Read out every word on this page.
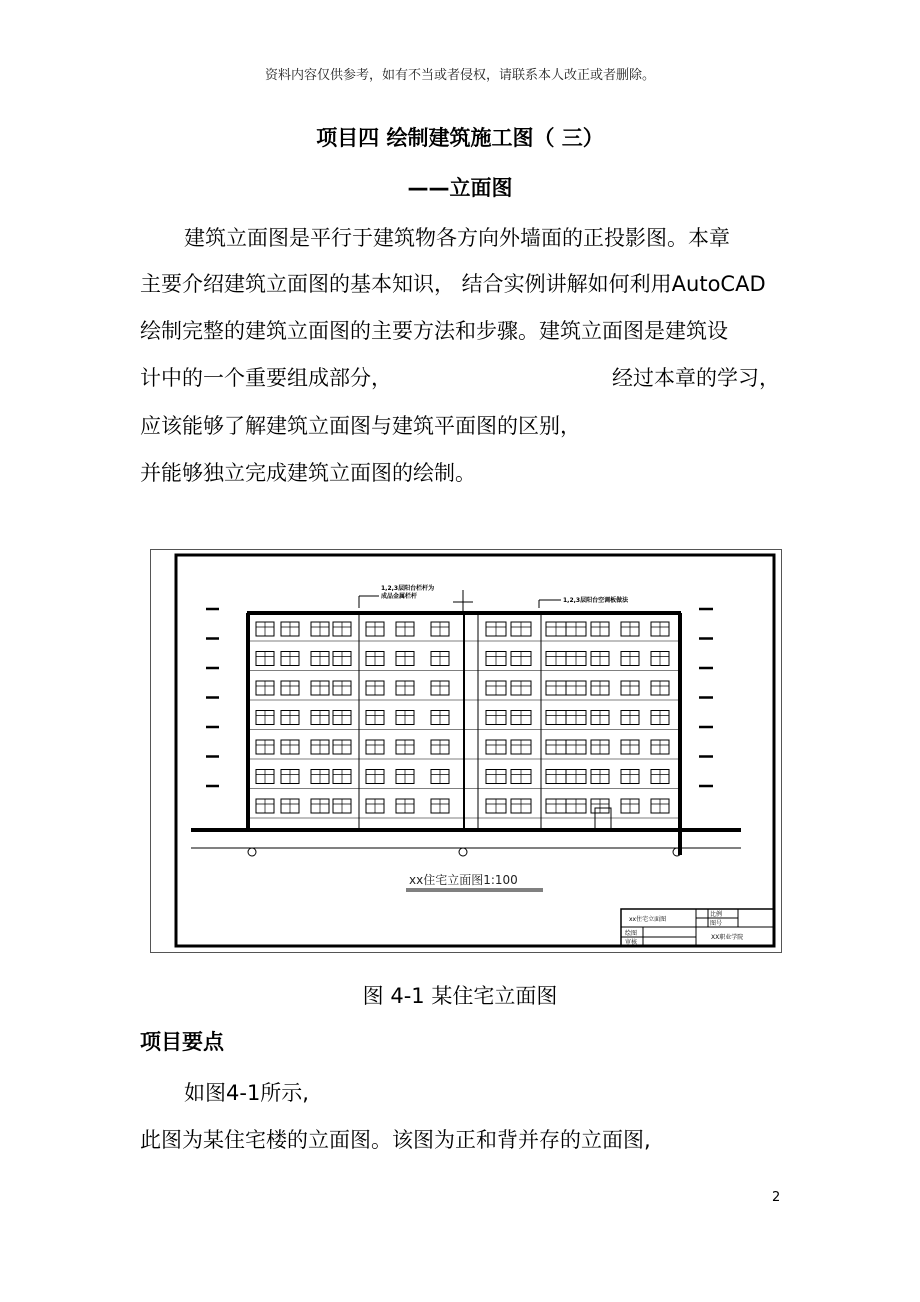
资料内容仅供参考，如有不当或者侵权，请联系本人改正或者删除。
项目四 绘制建筑施工图（ 三）
——立面图
建筑立面图是平行于建筑物各方向外墙面的正投影图。本章
主要介绍建筑立面图的基本知识， 结合实例讲解如何利用AutoCAD
绘制完整的建筑立面图的主要方法和步骤。建筑立面图是建筑设
计中的一个重要组成部分，	经过本章的学习，
应该能够了解建筑立面图与建筑平面图的区别，
并能够独立完成建筑立面图的绘制。
1,2,3层阳台栏杆为
成品金属栏杆
1,2,3层阳台空调板做法
xx住宅立面图1:100
xx住宅立面图
比例
图号
绘图
审核
XX职业学院
图 4-1 某住宅立面图
项目要点
如图4-1所示,
此图为某住宅楼的立面图。该图为正和背并存的立面图,
2
